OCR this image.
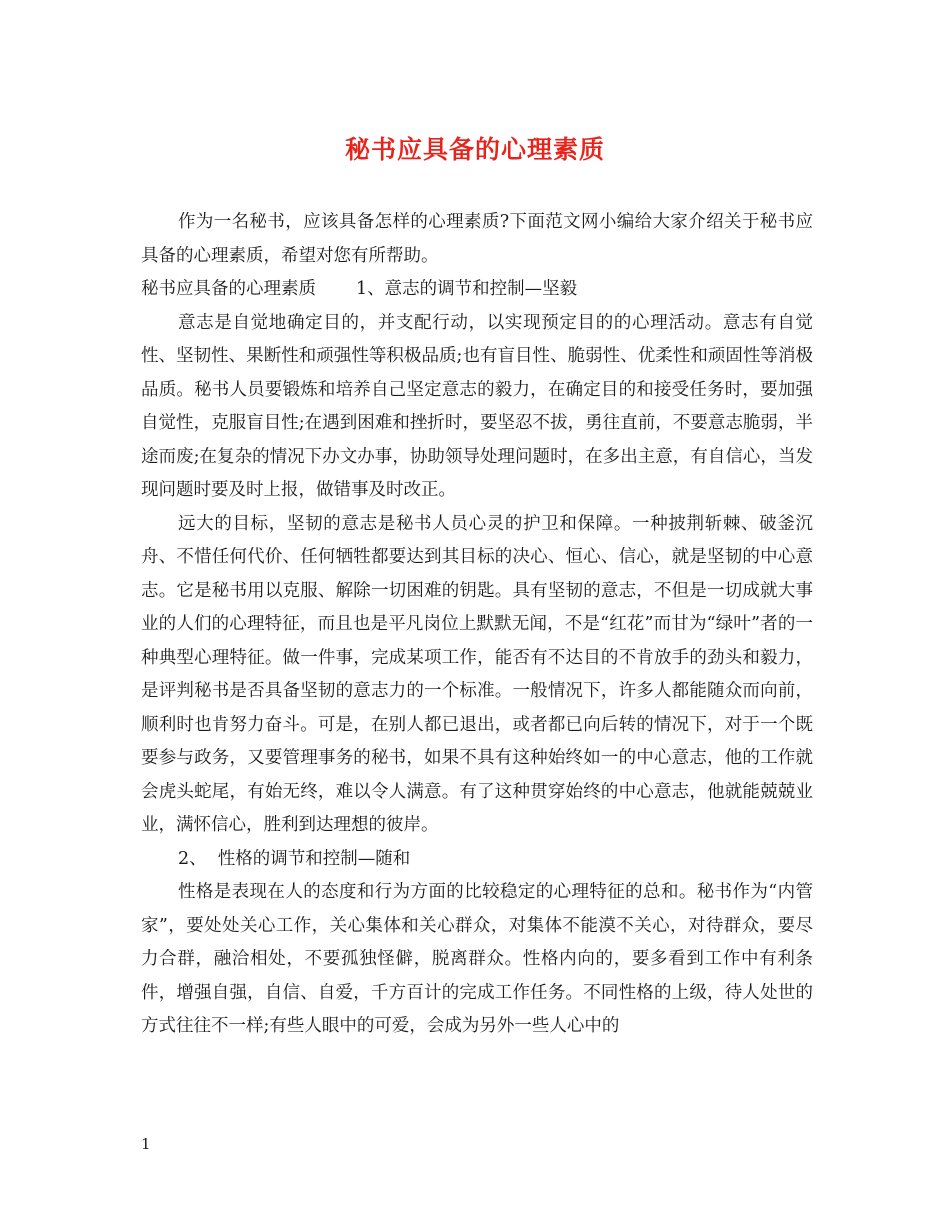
秘书应具备的心理素质

作为一名秘书，应该具备怎样的心理素质?下面范文网小编给大家介绍关于秘书应具备的心理素质，希望对您有所帮助。

秘书应具备的心理素质 1、意志的调节和控制—坚毅

意志是自觉地确定目的，并支配行动，以实现预定目的的心理活动。意志有自觉性、坚韧性、果断性和顽强性等积极品质;也有盲目性、脆弱性、优柔性和顽固性等消极品质。秘书人员要锻炼和培养自己坚定意志的毅力，在确定目的和接受任务时，要加强自觉性，克服盲目性;在遇到困难和挫折时，要坚忍不拔，勇往直前，不要意志脆弱，半途而废;在复杂的情况下办文办事，协助领导处理问题时，在多出主意，有自信心，当发现问题时要及时上报，做错事及时改正。

远大的目标，坚韧的意志是秘书人员心灵的护卫和保障。一种披荆斩棘、破釜沉舟、不惜任何代价、任何牺牲都要达到其目标的决心、恒心、信心，就是坚韧的中心意志。它是秘书用以克服、解除一切困难的钥匙。具有坚韧的意志，不但是一切成就大事业的人们的心理特征，而且也是平凡岗位上默默无闻，不是“红花”而甘为“绿叶”者的一种典型心理特征。做一件事，完成某项工作，能否有不达目的不肯放手的劲头和毅力，是评判秘书是否具备坚韧的意志力的一个标准。一般情况下，许多人都能随众而向前，顺利时也肯努力奋斗。可是，在别人都已退出，或者都已向后转的情况下，对于一个既要参与政务，又要管理事务的秘书，如果不具有这种始终如一的中心意志，他的工作就会虎头蛇尾，有始无终，难以令人满意。有了这种贯穿始终的中心意志，他就能兢兢业业，满怀信心，胜利到达理想的彼岸。

2、  性格的调节和控制—随和

性格是表现在人的态度和行为方面的比较稳定的心理特征的总和。秘书作为“内管家”，要处处关心工作，关心集体和关心群众，对集体不能漠不关心，对待群众，要尽力合群，融洽相处，不要孤独怪僻，脱离群众。性格内向的，要多看到工作中有利条件，增强自强，自信、自爱，千方百计的完成工作任务。不同性格的上级，待人处世的方式往往不一样;有些人眼中的可爱，会成为另外一些人心中的

1
